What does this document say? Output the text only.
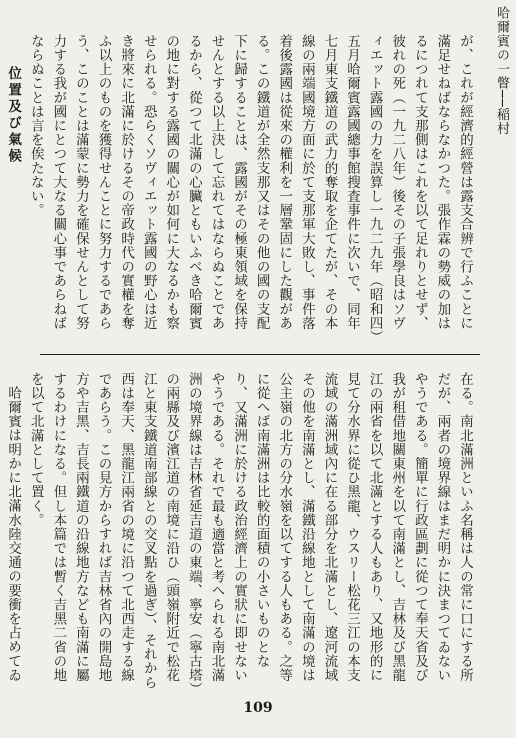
哈爾賓の一瞥──稲村

が、これが經濟的經營は露支合辨で行ふことに滿足せねばならなかつた。張作霖の勢威の加はるにつれて支那側はこれを以て足れりとせず、彼れの死（一九二八年）後その子張學良はソヴィエット露國の力を誤算し一九二九年（昭和四）五月哈爾賓露國總事館搜査事件に次いで、同年七月東支鐵道の武力的奪取を企てたが、その本線の兩端國境方面に於て支那軍大敗し、事件落着後露國は從來の權利を一層鞏固にした觀がある。この鐵道が全然支那又はその他の國の支配下に歸することは、露國がその極東領域を保持せんとする以上決して忘れてはならぬことであるから、從つて北滿の心臟ともいふべき哈爾賓の地に對する露國の關心が如何に大なるかも察せられる。恐らくソヴィエット露國の野心は近き將來に北滿に於けるその帝政時代の實權を奪ふ以上のものを獲得せんことに努力するであらう、このことは滿蒙に勢力を確保せんとして努力する我が國にとつて大なる關心事であらねばならぬことは言を俟たない。

位置及び氣候

在る。南北滿洲といふ名稱は人の常に口にする所だが、兩者の境界線はまだ明かに決まつてゐないやうである。簡單に行政區劃に從つて奉天省及び我が租借地關東州を以て南滿とし、吉林及び黑龍江の兩省を以て北滿とする人もあり、又地形的に見て分水界に從ひ黑龍、ウスリー松花三江の本支流域の滿洲域內に在る部分を北滿とし、遼河流域その他を南滿とし、滿鐵沿線地として南滿の境は公主嶺の北方の分水嶺を以てする人もある。之等に從へば南滿洲は比較的面積の小さいものとなり、又滿洲に於ける政治經濟上の實狀に即せないやうである。それで最も適當と考へられる南北滿洲の境界線は吉林省延吉道の東端、寧安（寧古塔）の兩縣及び濱江道の南境に沿ひ（頭嶺附近で松花江と東支鐵道南部線との交叉點を過ぎ）、それから西は奉天、黑龍江兩省の境に沿つて北西走する線であらう。この見方からすれば吉林省內の開島地方や吉黑、吉長兩鐵道の沿線地方なども南滿に屬するわけになる。但し本篇では暫く吉黑二省の地を以て北滿として置く。

哈爾賓は明かに北滿水陸交通の要衝を占めてゐ

109
